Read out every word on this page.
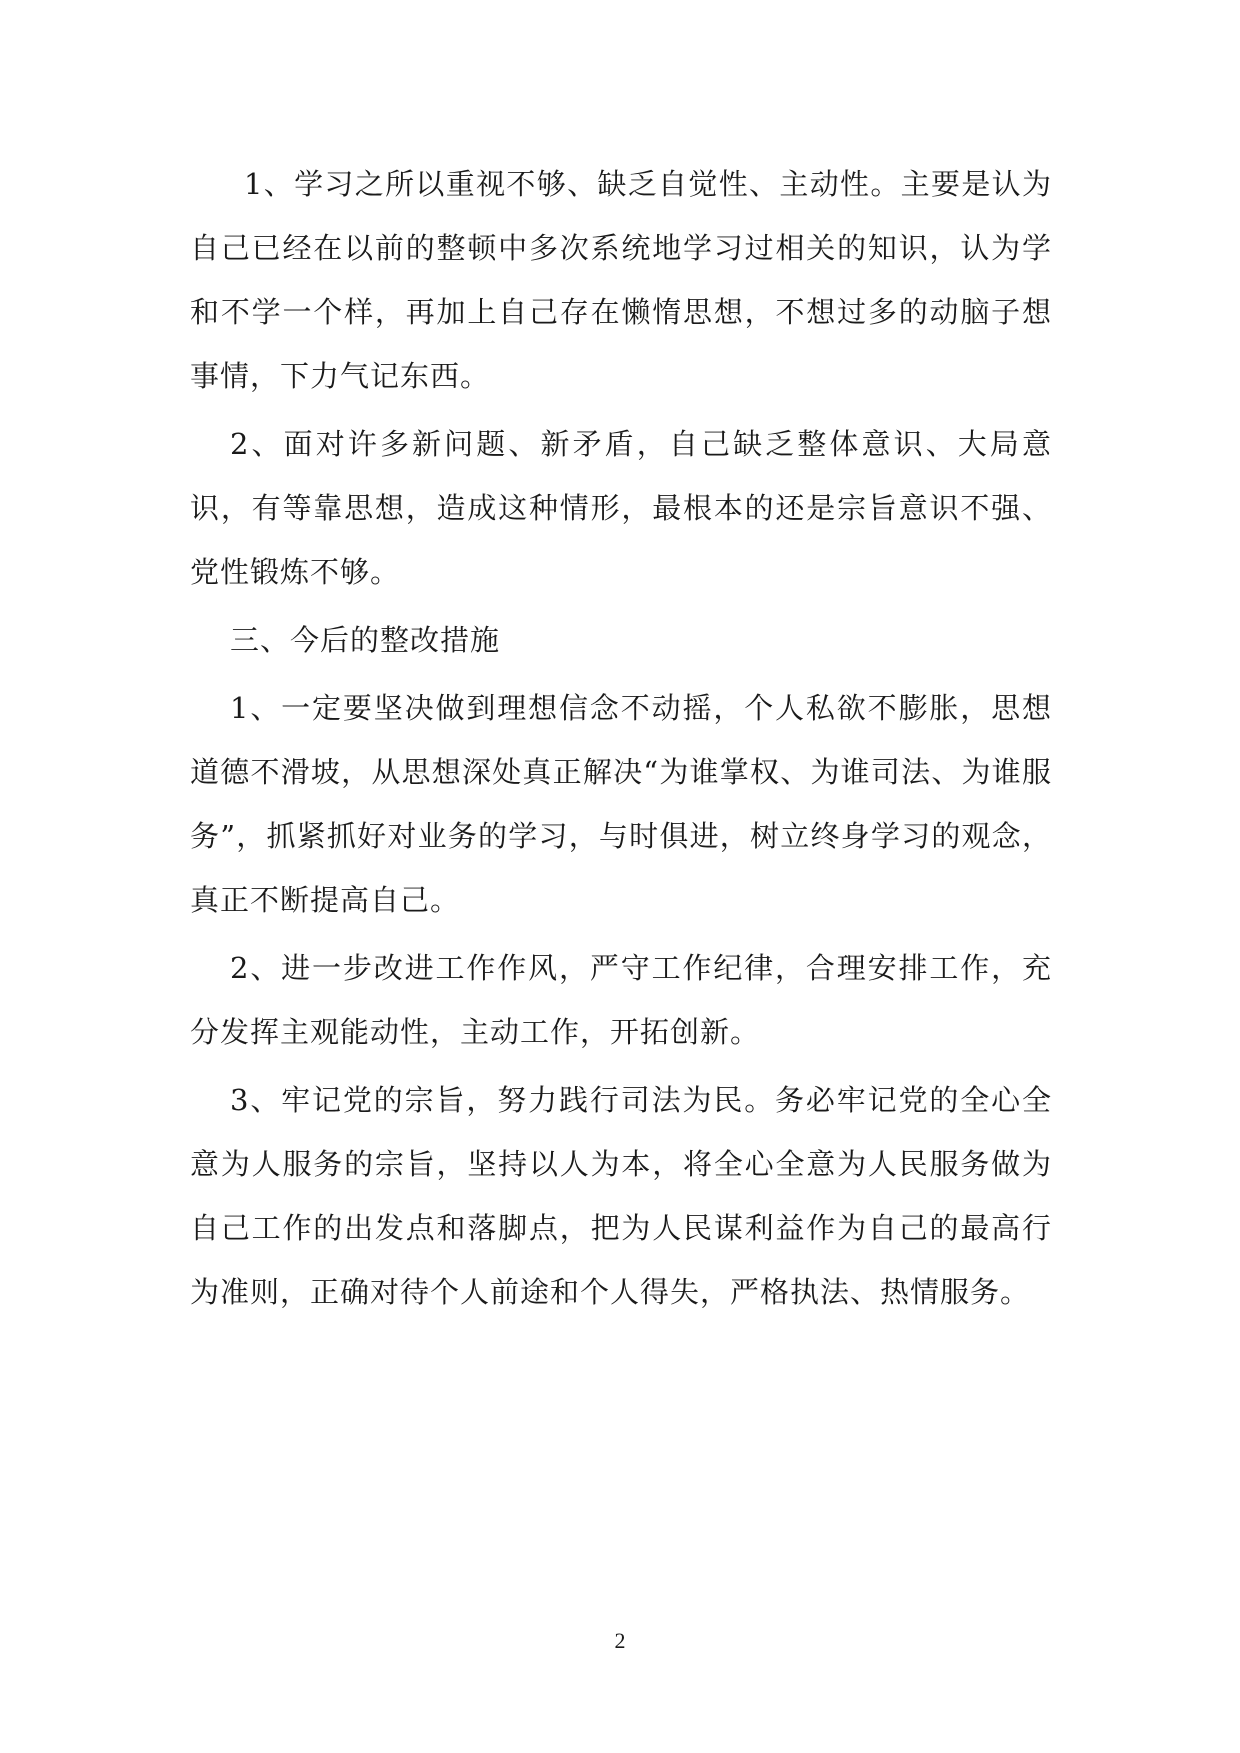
1、学习之所以重视不够、缺乏自觉性、主动性。主要是认为自己已经在以前的整顿中多次系统地学习过相关的知识，认为学和不学一个样，再加上自己存在懒惰思想，不想过多的动脑子想事情，下力气记东西。

2、面对许多新问题、新矛盾，自己缺乏整体意识、大局意识，有等靠思想，造成这种情形，最根本的还是宗旨意识不强、党性锻炼不够。

三、今后的整改措施

1、一定要坚决做到理想信念不动摇，个人私欲不膨胀，思想道德不滑坡，从思想深处真正解决“为谁掌权、为谁司法、为谁服务”，抓紧抓好对业务的学习，与时俱进，树立终身学习的观念，真正不断提高自己。

2、进一步改进工作作风，严守工作纪律，合理安排工作，充分发挥主观能动性，主动工作，开拓创新。

3、牢记党的宗旨，努力践行司法为民。务必牢记党的全心全意为人服务的宗旨，坚持以人为本，将全心全意为人民服务做为自己工作的出发点和落脚点，把为人民谋利益作为自己的最高行为准则，正确对待个人前途和个人得失，严格执法、热情服务。

2
